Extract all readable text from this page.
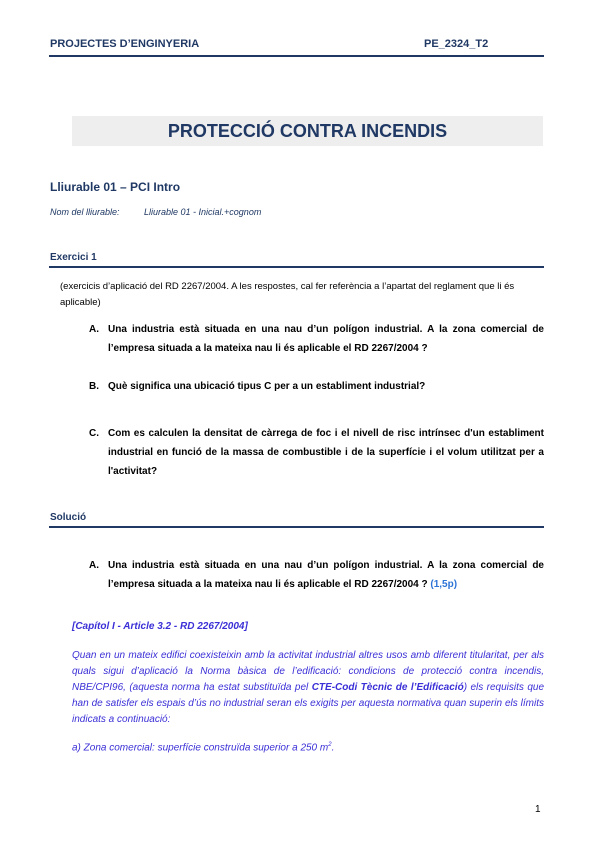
PROJECTES D’ENGINYERIA	PE_2324_T2
PROTECCIÓ CONTRA INCENDIS
Lliurable 01 – PCI Intro
Nom del lliurable:	Lliurable 01 - Inicial.+cognom
Exercici 1
(exercicis d’aplicació del RD 2267/2004. A les respostes, cal fer referència a l’apartat del reglament que li és aplicable)
A. Una industria està situada en una nau d’un polígon industrial. A la zona comercial de l’empresa situada a la mateixa nau li és aplicable el RD 2267/2004 ?
B. Què significa una ubicació tipus C per a un establiment industrial?
C. Com es calculen la densitat de càrrega de foc i el nivell de risc intrínsec d'un establiment industrial en funció de la massa de combustible i de la superfície i el volum utilitzat per a l'activitat?
Solució
A. Una industria està situada en una nau d’un polígon industrial. A la zona comercial de l’empresa situada a la mateixa nau li és aplicable el RD 2267/2004 ? (1,5p)
[Capítol I - Article 3.2 - RD 2267/2004]
Quan en un mateix edifici coexisteixin amb la activitat industrial altres usos amb diferent titularitat, per als quals sigui d’aplicació la Norma bàsica de l’edificació: condicions de protecció contra incendis, NBE/CPI96, (aquesta norma ha estat substituïda pel CTE-Codi Tècnic de l’Edificació) els requisits que han de satisfer els espais d’ús no industrial seran els exigits per aquesta normativa quan superin els límits indicats a continuació:
a) Zona comercial: superfície construïda superior a 250 $m^2$.
1
